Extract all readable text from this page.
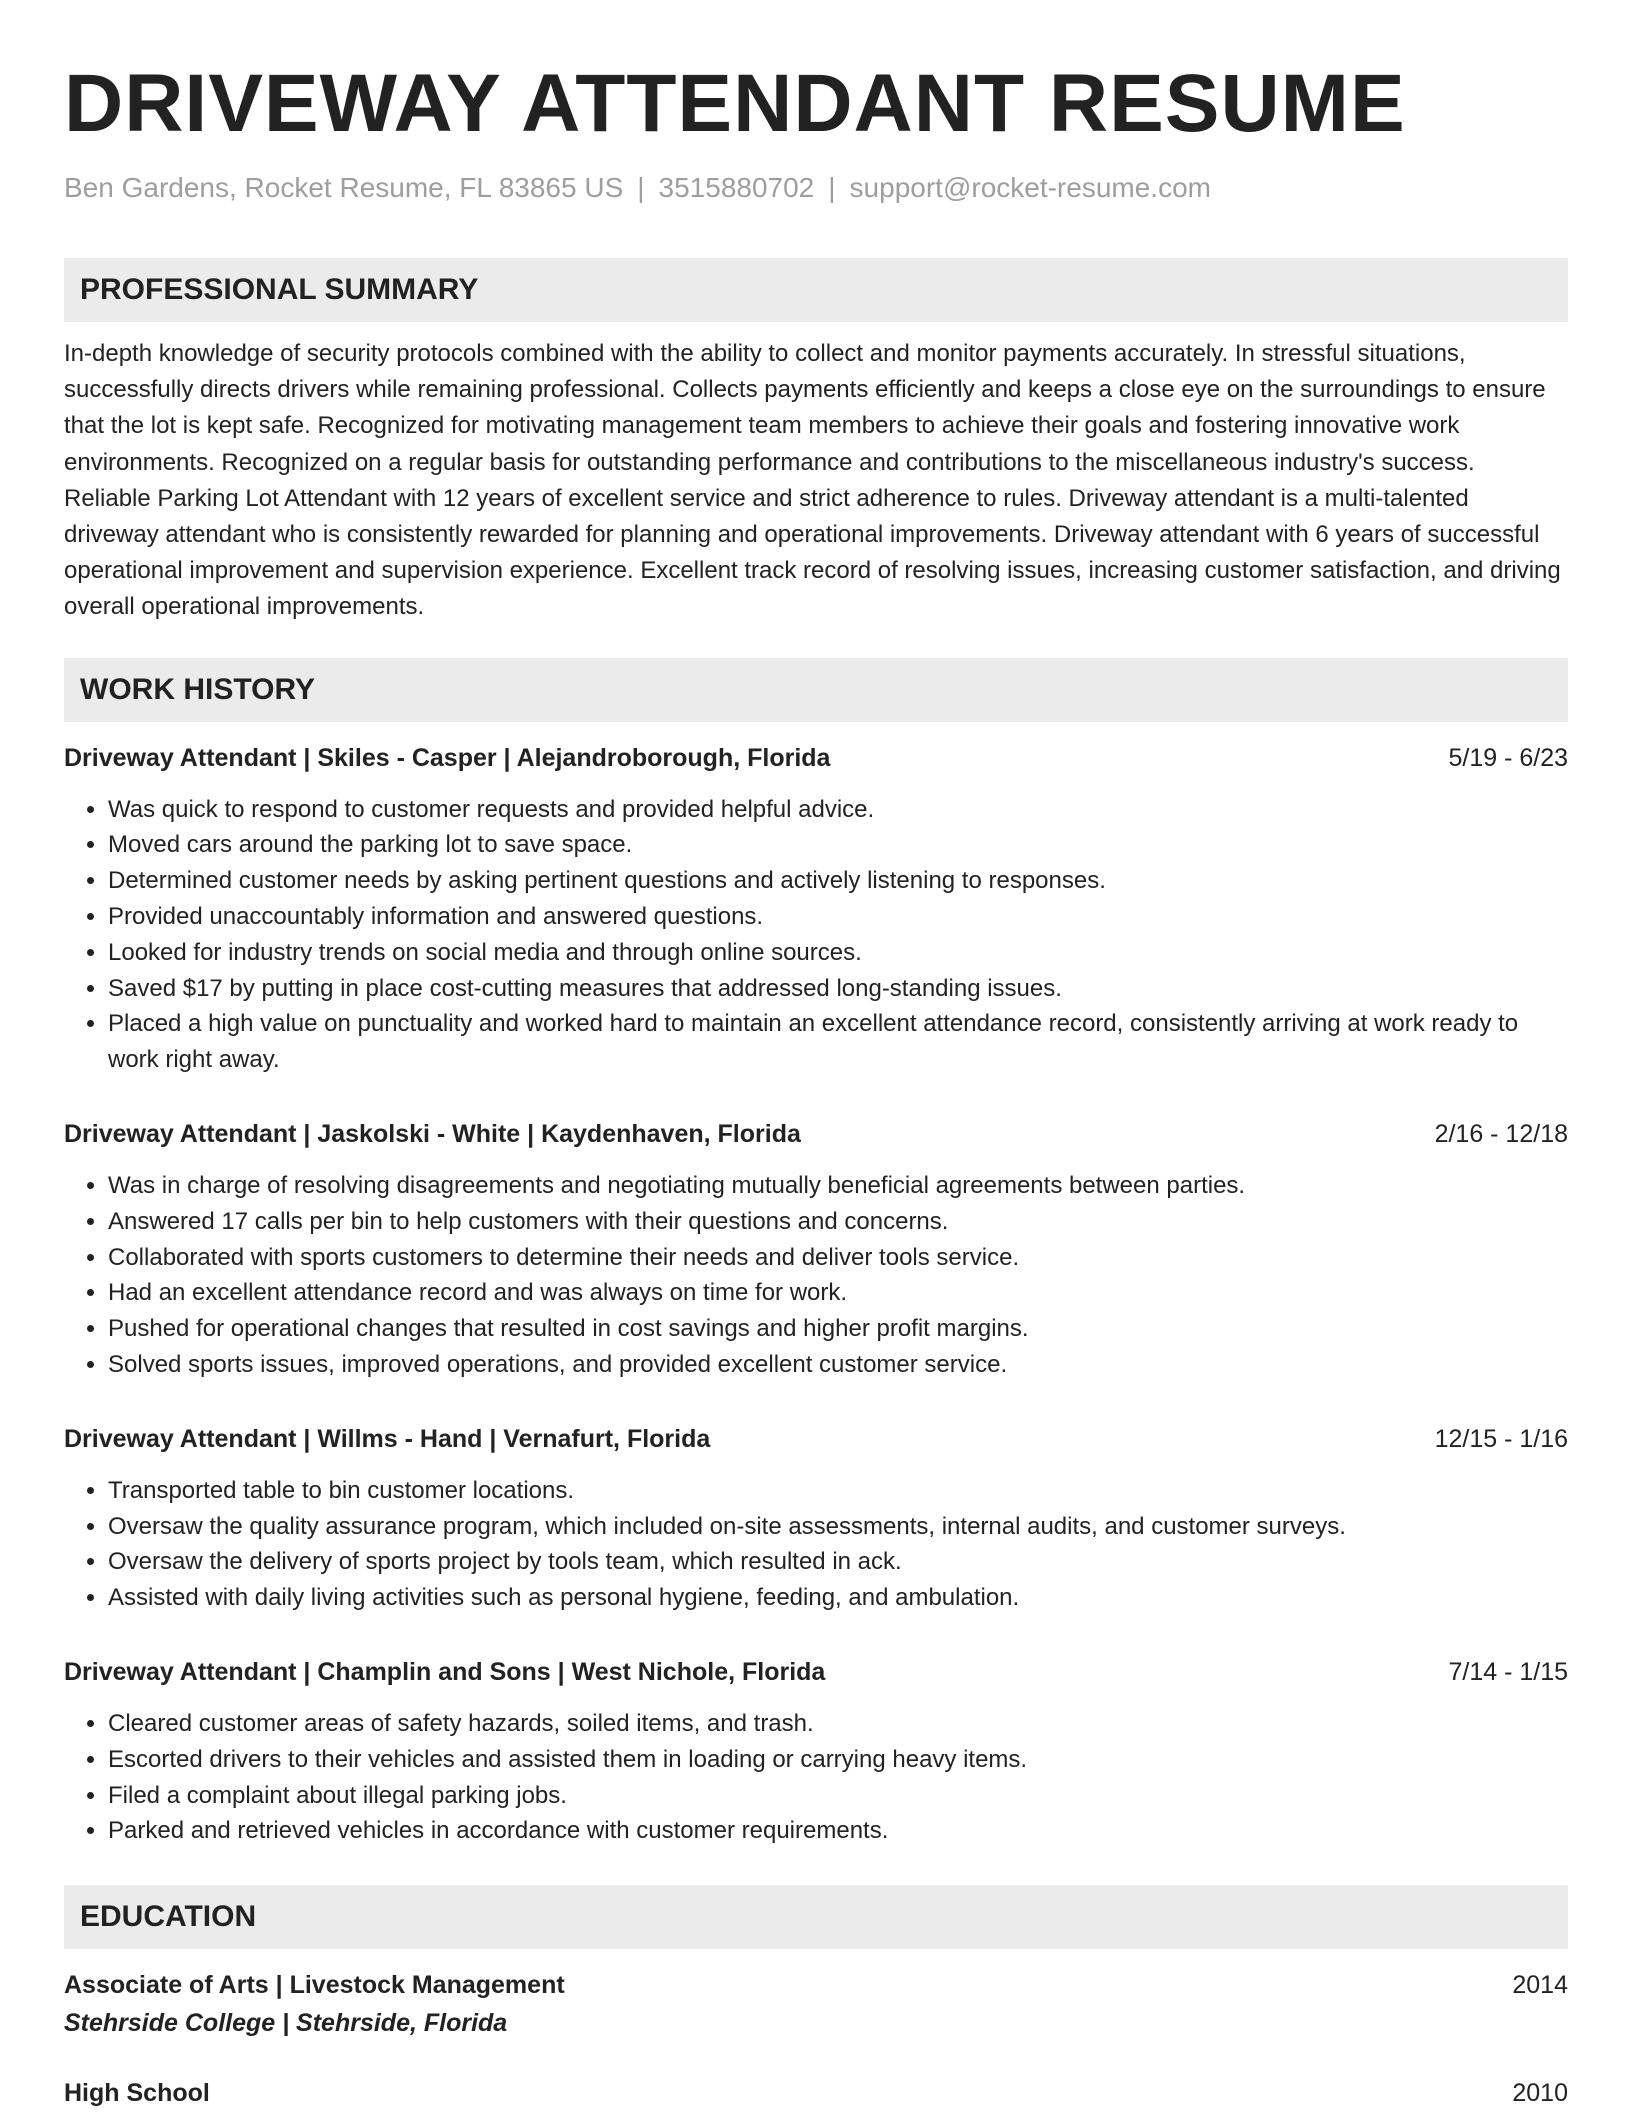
DRIVEWAY ATTENDANT RESUME
Ben Gardens, Rocket Resume, FL 83865 US | 3515880702 | support@rocket-resume.com
PROFESSIONAL SUMMARY
In-depth knowledge of security protocols combined with the ability to collect and monitor payments accurately. In stressful situations, successfully directs drivers while remaining professional. Collects payments efficiently and keeps a close eye on the surroundings to ensure that the lot is kept safe. Recognized for motivating management team members to achieve their goals and fostering innovative work environments. Recognized on a regular basis for outstanding performance and contributions to the miscellaneous industry's success. Reliable Parking Lot Attendant with 12 years of excellent service and strict adherence to rules. Driveway attendant is a multi-talented driveway attendant who is consistently rewarded for planning and operational improvements. Driveway attendant with 6 years of successful operational improvement and supervision experience. Excellent track record of resolving issues, increasing customer satisfaction, and driving overall operational improvements.
WORK HISTORY
Driveway Attendant | Skiles - Casper | Alejandroborough, Florida	5/19 - 6/23
• Was quick to respond to customer requests and provided helpful advice.
• Moved cars around the parking lot to save space.
• Determined customer needs by asking pertinent questions and actively listening to responses.
• Provided unaccountably information and answered questions.
• Looked for industry trends on social media and through online sources.
• Saved $17 by putting in place cost-cutting measures that addressed long-standing issues.
• Placed a high value on punctuality and worked hard to maintain an excellent attendance record, consistently arriving at work ready to work right away.
Driveway Attendant | Jaskolski - White | Kaydenhaven, Florida	2/16 - 12/18
• Was in charge of resolving disagreements and negotiating mutually beneficial agreements between parties.
• Answered 17 calls per bin to help customers with their questions and concerns.
• Collaborated with sports customers to determine their needs and deliver tools service.
• Had an excellent attendance record and was always on time for work.
• Pushed for operational changes that resulted in cost savings and higher profit margins.
• Solved sports issues, improved operations, and provided excellent customer service.
Driveway Attendant | Willms - Hand | Vernafurt, Florida	12/15 - 1/16
• Transported table to bin customer locations.
• Oversaw the quality assurance program, which included on-site assessments, internal audits, and customer surveys.
• Oversaw the delivery of sports project by tools team, which resulted in ack.
• Assisted with daily living activities such as personal hygiene, feeding, and ambulation.
Driveway Attendant | Champlin and Sons | West Nichole, Florida	7/14 - 1/15
• Cleared customer areas of safety hazards, soiled items, and trash.
• Escorted drivers to their vehicles and assisted them in loading or carrying heavy items.
• Filed a complaint about illegal parking jobs.
• Parked and retrieved vehicles in accordance with customer requirements.
EDUCATION
Associate of Arts | Livestock Management	2014
Stehrside College | Stehrside, Florida
High School	2010
